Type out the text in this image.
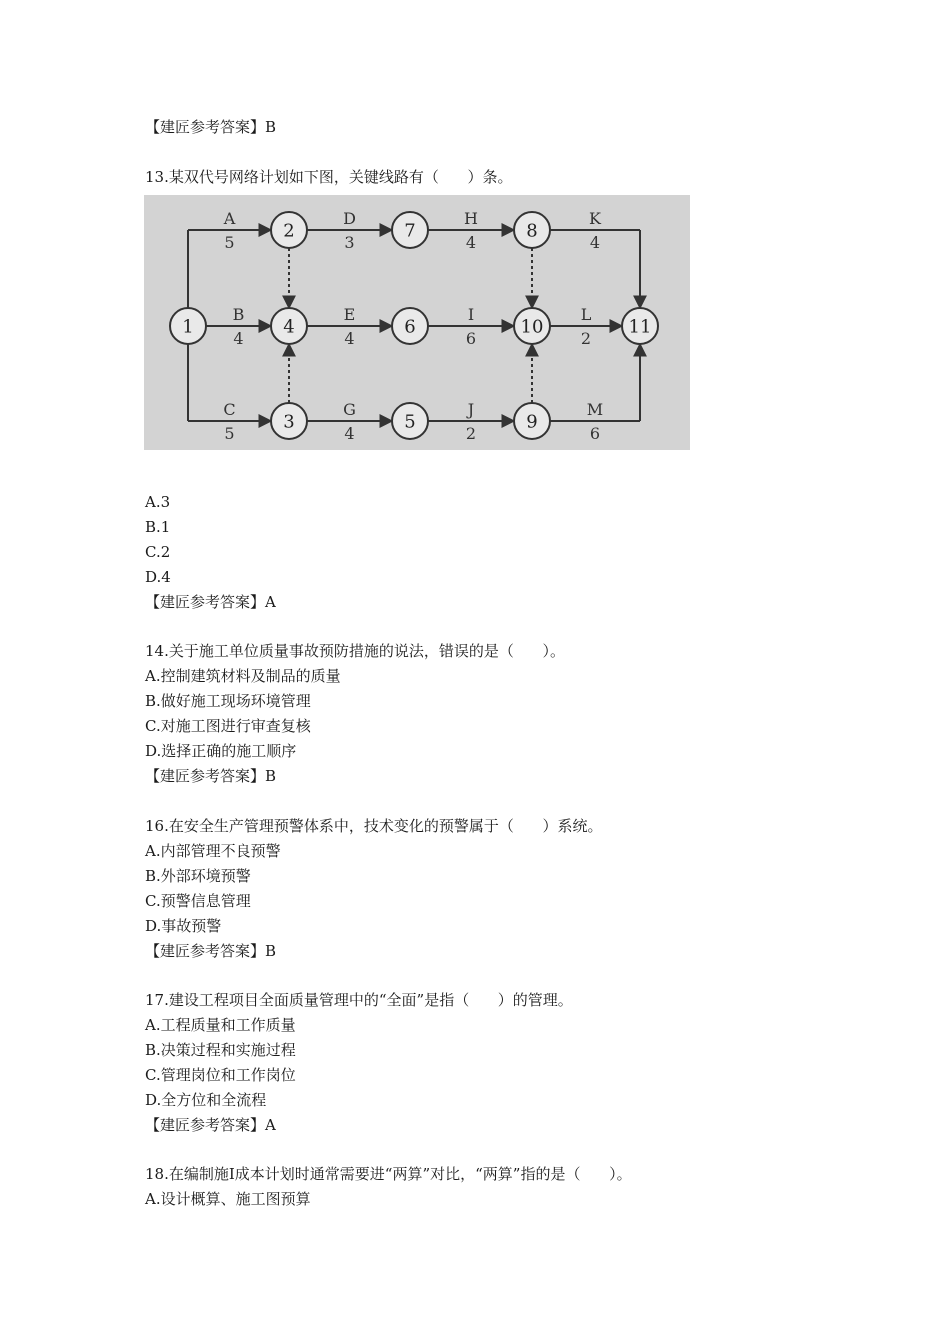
【建匠参考答案】B
13.某双代号网络计划如下图，关键线路有（      ）条。
A
5
B
4
C
5
D
3
E
4
G
4
H
4
I
6
J
2
K
4
L
2
M
6
1
2
3
4
5
6
7	8
9
10	11
A.3
B.1
C.2
D.4
【建匠参考答案】A
14.关于施工单位质量事故预防措施的说法，错误的是（      ）。
A.控制建筑材料及制品的质量
B.做好施工现场环境管理
C.对施工图进行审查复核
D.选择正确的施工顺序
【建匠参考答案】B
16.在安全生产管理预警体系中，技术变化的预警属于（      ）系统。
A.内部管理不良预警
B.外部环境预警
C.预警信息管理
D.事故预警
【建匠参考答案】B
17.建设工程项目全面质量管理中的“全面”是指（      ）的管理。
A.工程质量和工作质量
B.决策过程和实施过程
C.管理岗位和工作岗位
D.全方位和全流程
【建匠参考答案】A
18.在编制施I成本计划时通常需要进“两算”对比，“两算”指的是（      ）。
A.设计概算、施工图预算
